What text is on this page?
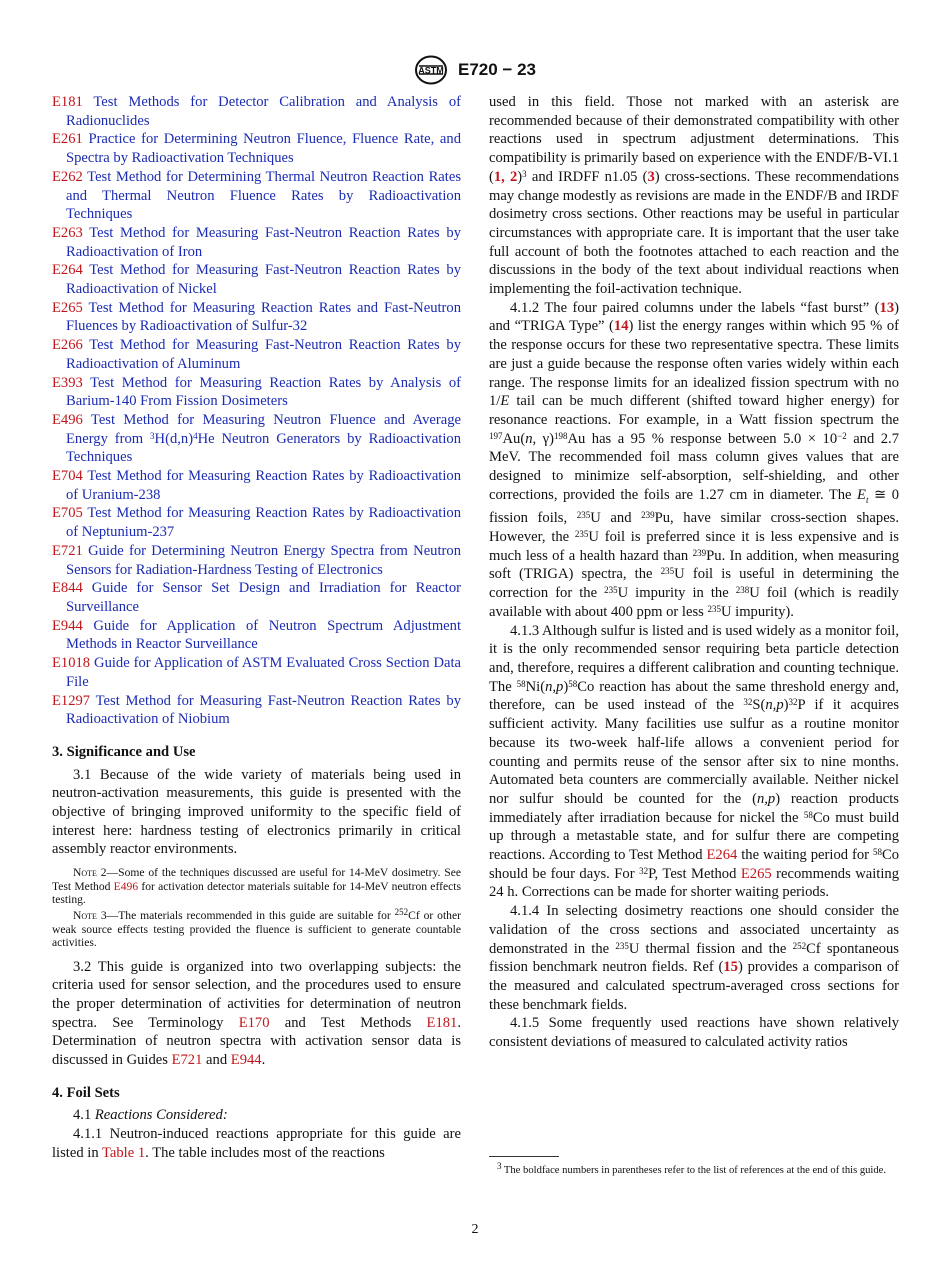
ASTM E720 − 23
E181 Test Methods for Detector Calibration and Analysis of Radionuclides
E261 Practice for Determining Neutron Fluence, Fluence Rate, and Spectra by Radioactivation Techniques
E262 Test Method for Determining Thermal Neutron Reaction Rates and Thermal Neutron Fluence Rates by Radioactivation Techniques
E263 Test Method for Measuring Fast-Neutron Reaction Rates by Radioactivation of Iron
E264 Test Method for Measuring Fast-Neutron Reaction Rates by Radioactivation of Nickel
E265 Test Method for Measuring Reaction Rates and Fast-Neutron Fluences by Radioactivation of Sulfur-32
E266 Test Method for Measuring Fast-Neutron Reaction Rates by Radioactivation of Aluminum
E393 Test Method for Measuring Reaction Rates by Analysis of Barium-140 From Fission Dosimeters
E496 Test Method for Measuring Neutron Fluence and Average Energy from $^3H(d,n)^4He$ Neutron Generators by Radioactivation Techniques
E704 Test Method for Measuring Reaction Rates by Radioactivation of Uranium-238
E705 Test Method for Measuring Reaction Rates by Radioactivation of Neptunium-237
E721 Guide for Determining Neutron Energy Spectra from Neutron Sensors for Radiation-Hardness Testing of Electronics
E844 Guide for Sensor Set Design and Irradiation for Reactor Surveillance
E944 Guide for Application of Neutron Spectrum Adjustment Methods in Reactor Surveillance
E1018 Guide for Application of ASTM Evaluated Cross Section Data File
E1297 Test Method for Measuring Fast-Neutron Reaction Rates by Radioactivation of Niobium
3. Significance and Use

3.1 Because of the wide variety of materials being used in neutron-activation measurements, this guide is presented with the objective of bringing improved uniformity to the specific field of interest here: hardness testing of electronics primarily in critical assembly reactor environments.

Note 2—Some of the techniques discussed are useful for 14-MeV dosimetry. See Test Method E496 for activation detector materials suitable for 14-MeV neutron effects testing.
Note 3—The materials recommended in this guide are suitable for $^{252}$Cf or other weak source effects testing provided the fluence is sufficient to generate countable activities.

3.2 This guide is organized into two overlapping subjects: the criteria used for sensor selection, and the procedures used to ensure the proper determination of activities for determination of neutron spectra. See Terminology E170 and Test Methods E181. Determination of neutron spectra with activation sensor data is discussed in Guides E721 and E944.

4. Foil Sets

4.1 Reactions Considered:

4.1.1 Neutron-induced reactions appropriate for this guide are listed in Table 1. The table includes most of the reactions

used in this field. Those not marked with an asterisk are recommended because of their demonstrated compatibility with other reactions used in spectrum adjustment determinations. This compatibility is primarily based on experience with the ENDF/B-VI.1 (1, 2)$^3$ and IRDFF n1.05 (3) cross-sections. These recommendations may change modestly as revisions are made in the ENDF/B and IRDF dosimetry cross sections. Other reactions may be useful in particular circumstances with appropriate care. It is important that the user take full account of both the footnotes attached to each reaction and the discussions in the body of the text about individual reactions when implementing the foil-activation technique.

4.1.2 The four paired columns under the labels “fast burst” (13) and “TRIGA Type” (14) list the energy ranges within which 95 % of the response occurs for these two representative spectra. These limits are just a guide because the response often varies widely within each range. The response limits for an idealized fission spectrum with no 1/E tail can be much different (shifted toward higher energy) for resonance reactions. For example, in a Watt fission spectrum the $^{197}$Au(n, γ)$^{198}$Au has a 95 % response between $5.0 \times 10^{-2}$ and 2.7 MeV. The recommended foil mass column gives values that are designed to minimize self-absorption, self-shielding, and other corrections, provided the foils are 1.27 cm in diameter. The $E_t$ ≅ 0 fission foils, $^{235}$U and $^{239}$Pu, have similar cross-section shapes. However, the $^{235}$U foil is preferred since it is less expensive and is much less of a health hazard than $^{239}$Pu. In addition, when measuring soft (TRIGA) spectra, the $^{235}$U foil is useful in determining the correction for the $^{235}$U impurity in the $^{238}$U foil (which is readily available with about 400 ppm or less $^{235}$U impurity).

4.1.3 Although sulfur is listed and is used widely as a monitor foil, it is the only recommended sensor requiring beta particle detection and, therefore, requires a different calibration and counting technique. The $^{58}Ni(n,p)^{58}Co$ reaction has about the same threshold energy and, therefore, can be used instead of the $^{32}S(n,p)^{32}P$ if it acquires sufficient activity. Many facilities use sulfur as a routine monitor because its two-week half-life allows a convenient period for counting and permits reuse of the sensor after six to nine months. Automated beta counters are commercially available. Neither nickel nor sulfur should be counted for the (n,p) reaction products immediately after irradiation because for nickel the $^{58}$Co must build up through a metastable state, and for sulfur there are competing reactions. According to Test Method E264 the waiting period for $^{58}$Co should be four days. For $^{32}$P, Test Method E265 recommends waiting 24 h. Corrections can be made for shorter waiting periods.

4.1.4 In selecting dosimetry reactions one should consider the validation of the cross sections and associated uncertainty as demonstrated in the $^{235}$U thermal fission and the $^{252}$Cf spontaneous fission benchmark neutron fields. Ref (15) provides a comparison of the measured and calculated spectrum-averaged cross sections for these benchmark fields.

4.1.5 Some frequently used reactions have shown relatively consistent deviations of measured to calculated activity ratios

$^3$ The boldface numbers in parentheses refer to the list of references at the end of this guide.
2
